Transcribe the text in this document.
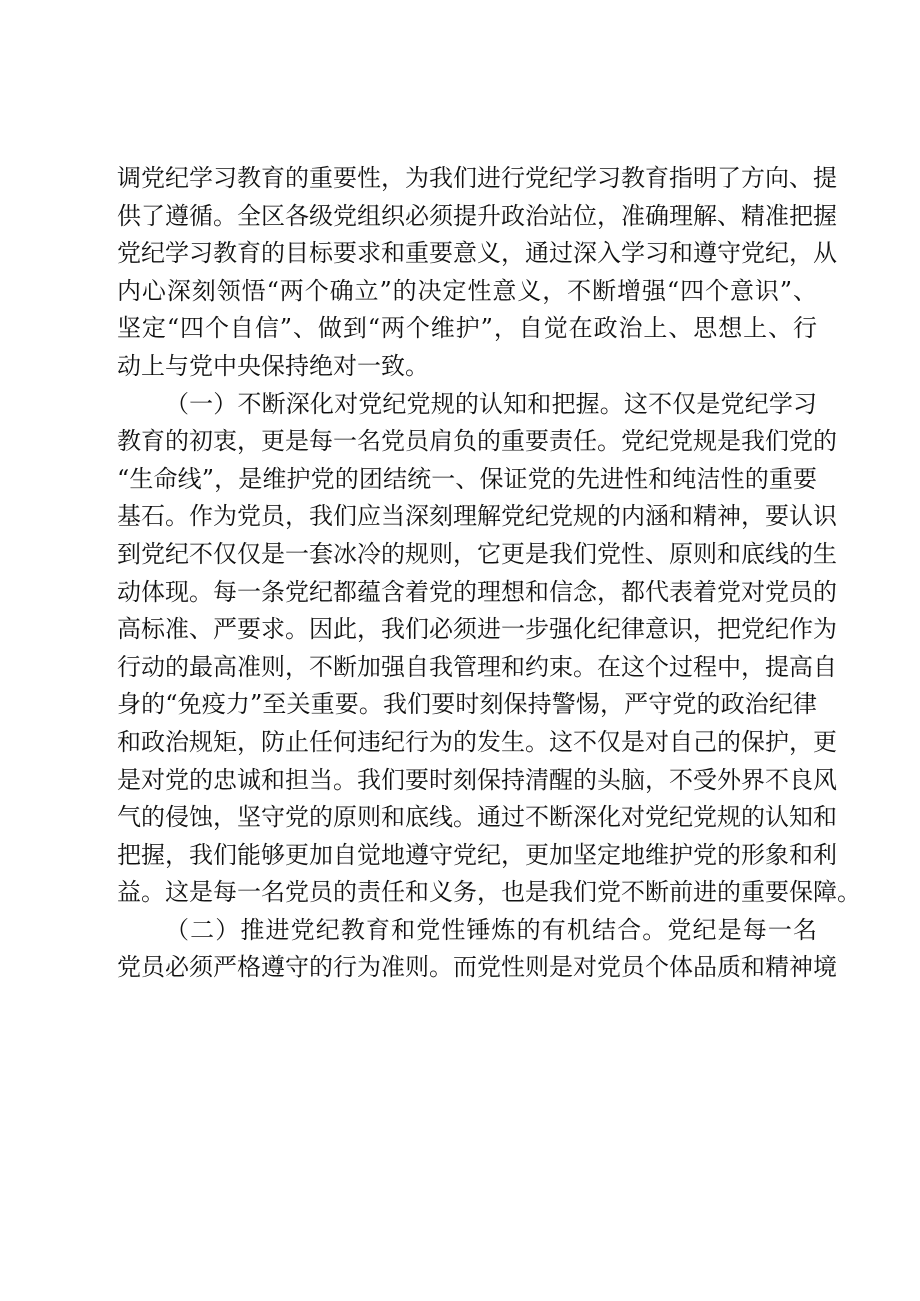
调党纪学习教育的重要性，为我们进行党纪学习教育指明了方向、提
供了遵循。全区各级党组织必须提升政治站位，准确理解、精准把握
党纪学习教育的目标要求和重要意义，通过深入学习和遵守党纪，从
内心深刻领悟“两个确立”的决定性意义，不断增强“四个意识”、
坚定“四个自信”、做到“两个维护”，自觉在政治上、思想上、行
动上与党中央保持绝对一致。
（一）不断深化对党纪党规的认知和把握。这不仅是党纪学习
教育的初衷，更是每一名党员肩负的重要责任。党纪党规是我们党的
“生命线”，是维护党的团结统一、保证党的先进性和纯洁性的重要
基石。作为党员，我们应当深刻理解党纪党规的内涵和精神，要认识
到党纪不仅仅是一套冰冷的规则，它更是我们党性、原则和底线的生
动体现。每一条党纪都蕴含着党的理想和信念，都代表着党对党员的
高标准、严要求。因此，我们必须进一步强化纪律意识，把党纪作为
行动的最高准则，不断加强自我管理和约束。在这个过程中，提高自
身的“免疫力”至关重要。我们要时刻保持警惕，严守党的政治纪律
和政治规矩，防止任何违纪行为的发生。这不仅是对自己的保护，更
是对党的忠诚和担当。我们要时刻保持清醒的头脑，不受外界不良风
气的侵蚀，坚守党的原则和底线。通过不断深化对党纪党规的认知和
把握，我们能够更加自觉地遵守党纪，更加坚定地维护党的形象和利
益。这是每一名党员的责任和义务，也是我们党不断前进的重要保障。
（二）推进党纪教育和党性锤炼的有机结合。党纪是每一名
党员必须严格遵守的行为准则。而党性则是对党员个体品质和精神境
